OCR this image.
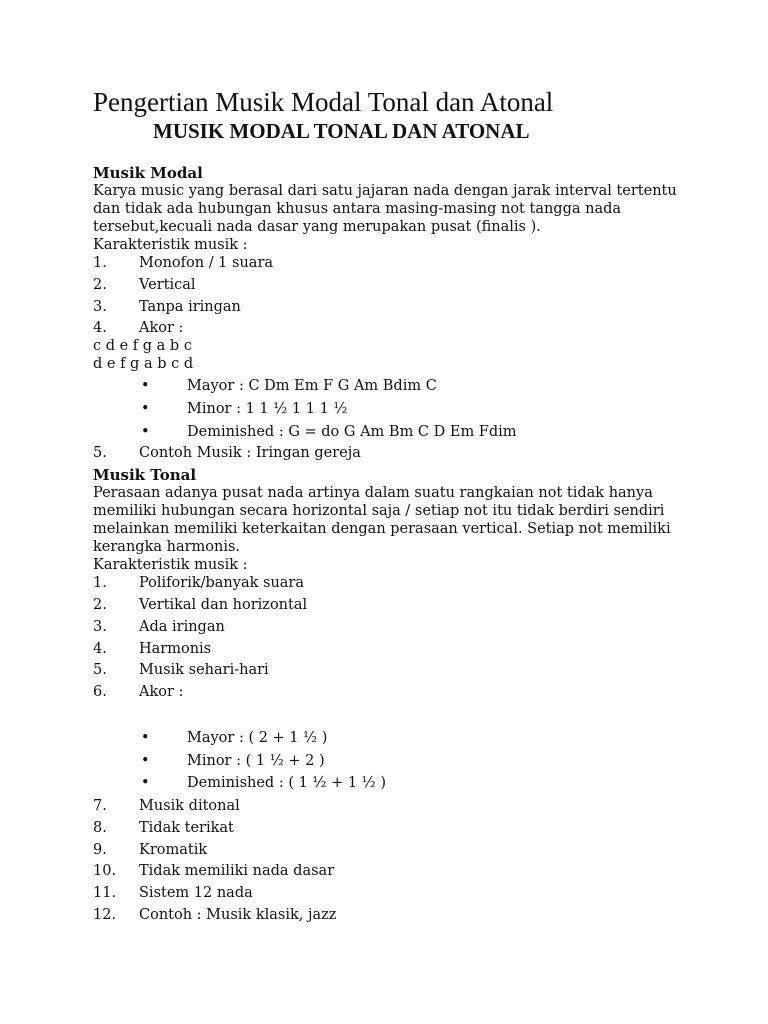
Pengertian Musik Modal Tonal dan Atonal
MUSIK MODAL TONAL DAN ATONAL
Musik Modal

Karya music yang berasal dari satu jajaran nada dengan jarak interval tertentu

dan tidak ada hubungan khusus antara masing-masing not tangga nada

tersebut,kecuali nada dasar yang merupakan pusat (finalis ).

Karakteristik musik :

1.	Monofon / 1 suara
2.	Vertical
3.	Tanpa iringan
4.	Akor :

c d e f g a b c

d e f g a b c d

•	Mayor : C Dm Em F G Am Bdim C
•	Minor : 1 1 ½ 1 1 1 ½
•	Deminished : G = do G Am Bm C D Em Fdim
5.	Contoh Musik : Iringan gereja
Musik Tonal

Perasaan adanya pusat nada artinya dalam suatu rangkaian not tidak hanya

memiliki hubungan secara horizontal saja / setiap not itu tidak berdiri sendiri

melainkan memiliki keterkaitan dengan perasaan vertical. Setiap not memiliki

kerangka harmonis.

Karakteristik musik :

1.	Poliforik/banyak suara
2.	Vertikal dan horizontal
3.	Ada iringan
4.	Harmonis
5.	Musik sehari-hari
6.	Akor :
•	Mayor : ( 2 + 1 ½ )
•	Minor : ( 1 ½ + 2 )
•	Deminished : ( 1 ½ + 1 ½ )
7.	Musik ditonal
8.	Tidak terikat
9.	Kromatik
10.	Tidak memiliki nada dasar
11.	Sistem 12 nada
12.	Contoh : Musik klasik, jazz
